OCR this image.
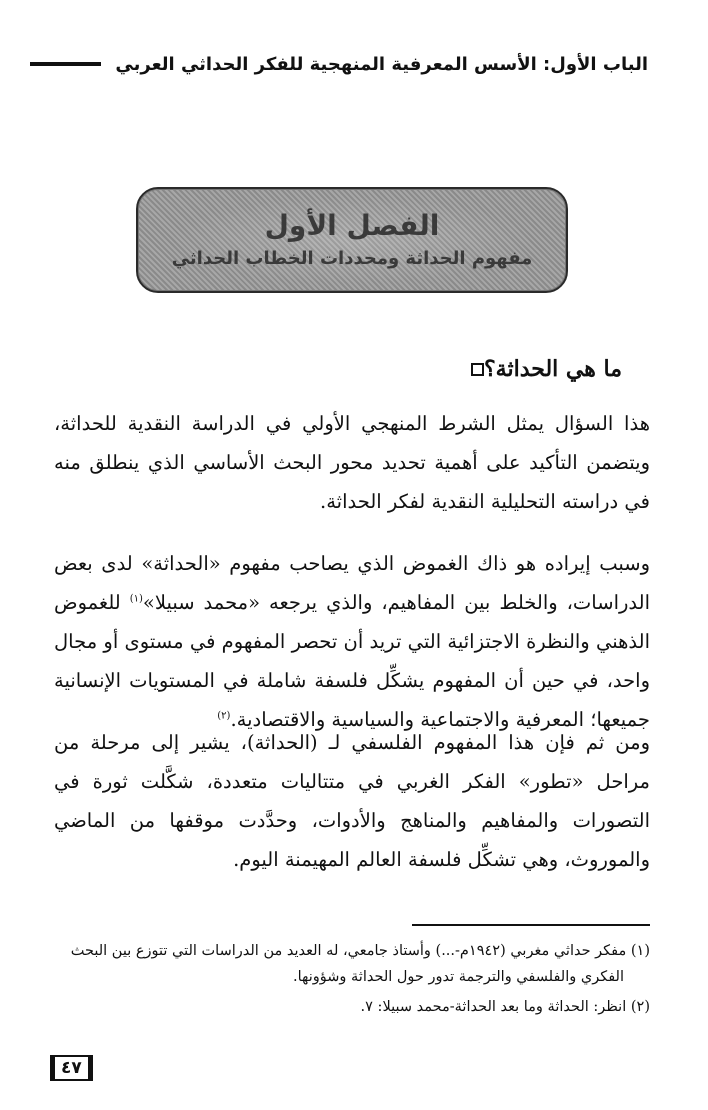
الباب الأول: الأسس المعرفية المنهجية للفكر الحداثي العربي
الفصل الأول
مفهوم الحداثة ومحددات الخطاب الحداثي
ما هي الحداثة؟

هذا السؤال يمثل الشرط المنهجي الأولي في الدراسة النقدية للحداثة، ويتضمن التأكيد على أهمية تحديد محور البحث الأساسي الذي ينطلق منه في دراسته التحليلية النقدية لفكر الحداثة.

وسبب إيراده هو ذاك الغموض الذي يصاحب مفهوم «الحداثة» لدى بعض الدراسات، والخلط بين المفاهيم، والذي يرجعه «محمد سبيلا»$^{(١)}$ للغموض الذهني والنظرة الاجتزائية التي تريد أن تحصر المفهوم في مستوى أو مجال واحد، في حين أن المفهوم يشكِّل فلسفة شاملة في المستويات الإنسانية جميعها؛ المعرفية والاجتماعية والسياسية والاقتصادية.$^{(٢)}$

ومن ثم فإن هذا المفهوم الفلسفي لـ (الحداثة)، يشير إلى مرحلة من مراحل «تطور» الفكر الغربي في متتاليات متعددة، شكَّلت ثورة في التصورات والمفاهيم والمناهج والأدوات، وحدَّدت موقفها من الماضي والموروث، وهي تشكِّل فلسفة العالم المهيمنة اليوم.

(١) مفكر حداثي مغربي (١٩٤٢م-...) وأستاذ جامعي، له العديد من الدراسات التي تتوزع بين البحث
الفكري والفلسفي والترجمة تدور حول الحداثة وشؤونها.
(٢) انظر: الحداثة وما بعد الحداثة-محمد سبيلا: ٧.
٤٧
